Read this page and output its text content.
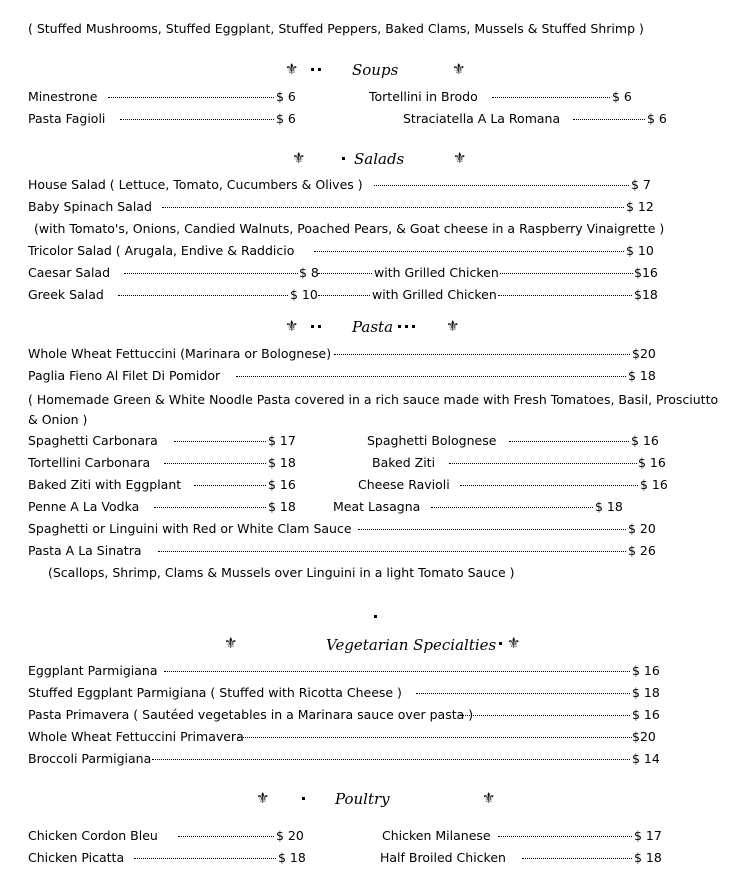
( Stuffed Mushrooms, Stuffed Eggplant, Stuffed Peppers, Baked Clams, Mussels & Stuffed Shrimp )
⚜	Soups	⚜
Minestrone	$ 6	Tortellini in Brodo	$ 6
Pasta Fagioli	$ 6	Straciatella A La Romana	$ 6
⚜	Salads	⚜
House Salad ( Lettuce, Tomato, Cucumbers & Olives )	$ 7
Baby Spinach Salad	$ 12
(with Tomato's, Onions, Candied Walnuts, Poached Pears, & Goat cheese in a Raspberry Vinaigrette )
Tricolor Salad ( Arugala, Endive & Raddicio	$ 10
Caesar Salad	$ 8	with Grilled Chicken	$16
Greek Salad	$ 10	with Grilled Chicken	$18
⚜	Pasta	⚜
Whole Wheat Fettuccini (Marinara or Bolognese)	$20
Paglia Fieno Al Filet Di Pomidor	$ 18
( Homemade Green & White Noodle Pasta covered in a rich sauce made with Fresh Tomatoes, Basil, Prosciutto & Onion )
Spaghetti Carbonara	$ 17	Spaghetti Bolognese	$ 16
Tortellini Carbonara	$ 18	Baked Ziti	$ 16
Baked Ziti with Eggplant	$ 16	Cheese Ravioli	$ 16
Penne A La Vodka	$ 18	Meat Lasagna	$ 18
Spaghetti or Linguini with Red or White Clam Sauce	$ 20
Pasta A La Sinatra	$ 26
(Scallops, Shrimp, Clams & Mussels over Linguini in a light Tomato Sauce )
⚜	Vegetarian Specialties ⚜
Eggplant Parmigiana	$ 16
Stuffed Eggplant Parmigiana ( Stuffed with Ricotta Cheese )	$ 18
Pasta Primavera ( Sautéed vegetables in a Marinara sauce over pasta )	$ 16
Whole Wheat Fettuccini Primavera	$20
Broccoli Parmigiana	$ 14
⚜	Poultry	⚜
Chicken Cordon Bleu	$ 20	Chicken Milanese	$ 17
Chicken Picatta	$ 18	Half Broiled Chicken	$ 18
